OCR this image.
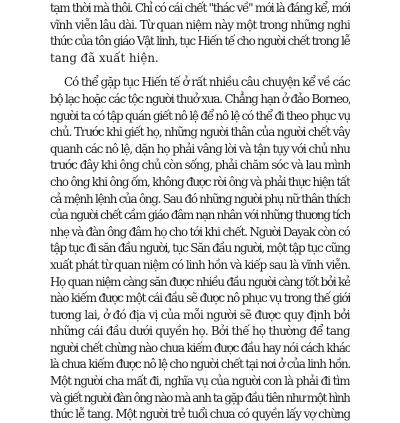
tạm thời mà thôi. Chỉ có cái chết "thác về" mới là đáng kể, mới
vĩnh viễn lâu dài. Từ quan niệm này một trong những nghi
thức của tôn giáo Vật linh, tục Hiến tế cho người chết trong lễ
tang đã xuất hiện.
Có thể gặp tục Hiến tế ở rất nhiều câu chuyện kể về các
bộ lạc hoặc các tộc người thuở xưa. Chẳng hạn ở đảo Borneo,
người ta có tập quán giết nô lệ để nô lệ có thể đi theo phục vụ
chủ. Trước khi giết họ, những người thân của người chết vây
quanh các nô lệ, dặn họ phải vâng lời và tận tụy với chủ như
trước đây khi ông chủ còn sống, phải chăm sóc và lau mình
cho ông khi ông ốm, không được rời ông và phải thực hiện tất
cả mệnh lệnh của ông. Sau đó những người phụ nữ thân thích
của người chết cầm giáo đâm nạn nhân với những thương tích
nhẹ và đàn ông đâm họ cho tới khi chết. Người Dayak còn có
tập tục đi săn đầu người, tục Săn đầu người, một tập tục cũng
xuất phát từ quan niệm có linh hồn và kiếp sau là vĩnh viễn.
Họ quan niệm càng săn được nhiều đầu người càng tốt bởi kẻ
nào kiếm được một cái đầu sẽ được nô phục vụ trong thế giới
tương lai, ở đó địa vị của mỗi người sẽ được quy định bởi
những cái đầu dưới quyền họ. Bởi thế họ thường để tang
người chết chừng nào chưa kiếm được đầu hay nói cách khác
là chưa kiếm được nô lệ cho người chết tại nơi ở của linh hồn.
Một người cha mất đi, nghĩa vụ của người con là phải đi tìm
và giết người đàn ông nào mà anh ta gặp đầu tiên như một hình
thức lễ tang. Một người trẻ tuổi chưa có quyền lấy vợ chừng
